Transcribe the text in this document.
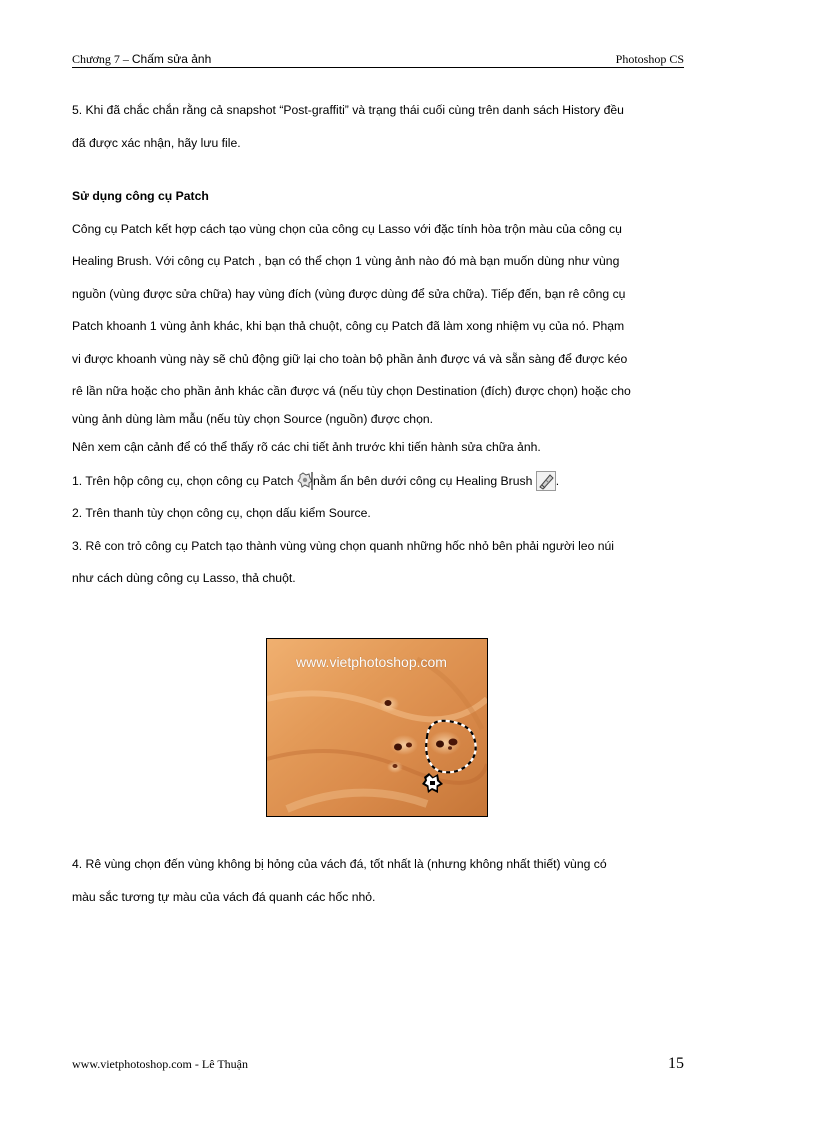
Chương 7 – Chấm sửa ảnh	Photoshop CS

5. Khi đã chắc chắn rằng cả snapshot “Post-graffiti” và trạng thái cuối cùng trên danh sách History đều

đã được xác nhận, hãy lưu file.

Sử dụng công cụ Patch

Công cụ Patch kết hợp cách tạo vùng chọn của công cụ Lasso với đặc tính hòa trộn màu của công cụ

Healing Brush. Với công cụ Patch , bạn có thể chọn 1 vùng ảnh nào đó mà bạn muốn dùng như vùng

nguồn (vùng được sửa chữa) hay vùng đích (vùng được dùng để sửa chữa). Tiếp đến, bạn rê công cụ

Patch khoanh 1 vùng ảnh khác, khi bạn thả chuột, công cụ Patch đã làm xong nhiệm vụ của nó. Phạm

vi được khoanh vùng này sẽ chủ động giữ lại cho toàn bộ phần ảnh được vá và sẵn sàng để được kéo

rê lần nữa hoặc cho phần ảnh khác cần được vá (nếu tùy chọn Destination (đích) được chọn) hoặc cho

vùng ảnh dùng làm mẫu (nếu tùy chọn Source (nguồn) được chọn.

Nên xem cận cảnh để có thể thấy rõ các chi tiết ảnh trước khi tiến hành sửa chữa ảnh.

1. Trên hộp công cụ, chọn công cụ Patch nằm ẩn bên dưới công cụ Healing Brush .

2. Trên thanh tùy chọn công cụ, chọn dấu kiểm Source.

3. Rê con trỏ công cụ Patch tạo thành vùng vùng chọn quanh những hốc nhỏ bên phải người leo núi

như cách dùng công cụ Lasso, thả chuột.

www.vietphotoshop.com

4. Rê vùng chọn đến vùng không bị hỏng của vách đá, tốt nhất là (nhưng không nhất thiết) vùng có

màu sắc tương tự màu của vách đá quanh các hốc nhỏ.

www.vietphotoshop.com - Lê Thuận	15
